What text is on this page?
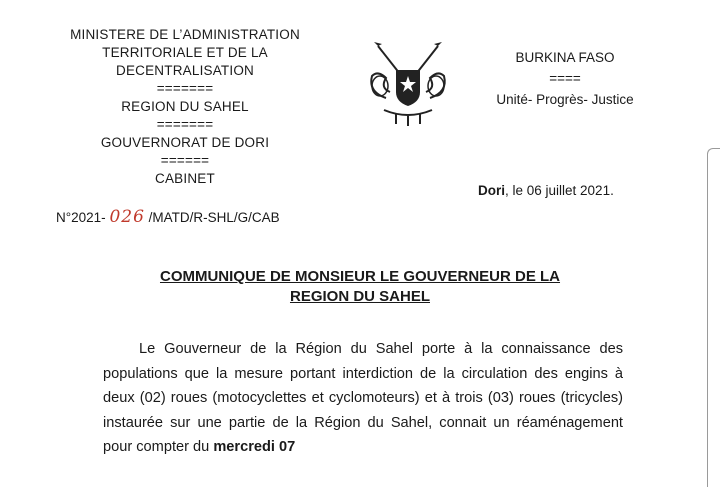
MINISTERE DE L’ADMINISTRATION
TERRITORIALE ET DE LA
DECENTRALISATION
=======
REGION DU SAHEL
=======
GOUVERNORAT DE DORI
======
CABINET
BURKINA FASO
====
Unité- Progrès- Justice
Dori, le 06 juillet 2021.
N°2021- 026 /MATD/R-SHL/G/CAB
COMMUNIQUE DE MONSIEUR LE GOUVERNEUR DE LA
REGION DU SAHEL

Le Gouverneur de la Région du Sahel porte à la connaissance des populations que la mesure portant interdiction de la circulation des engins à deux (02) roues (motocyclettes et cyclomoteurs) et à trois (03) roues (tricycles) instaurée sur une partie de la Région du Sahel, connait un réaménagement pour compter du mercredi 07
